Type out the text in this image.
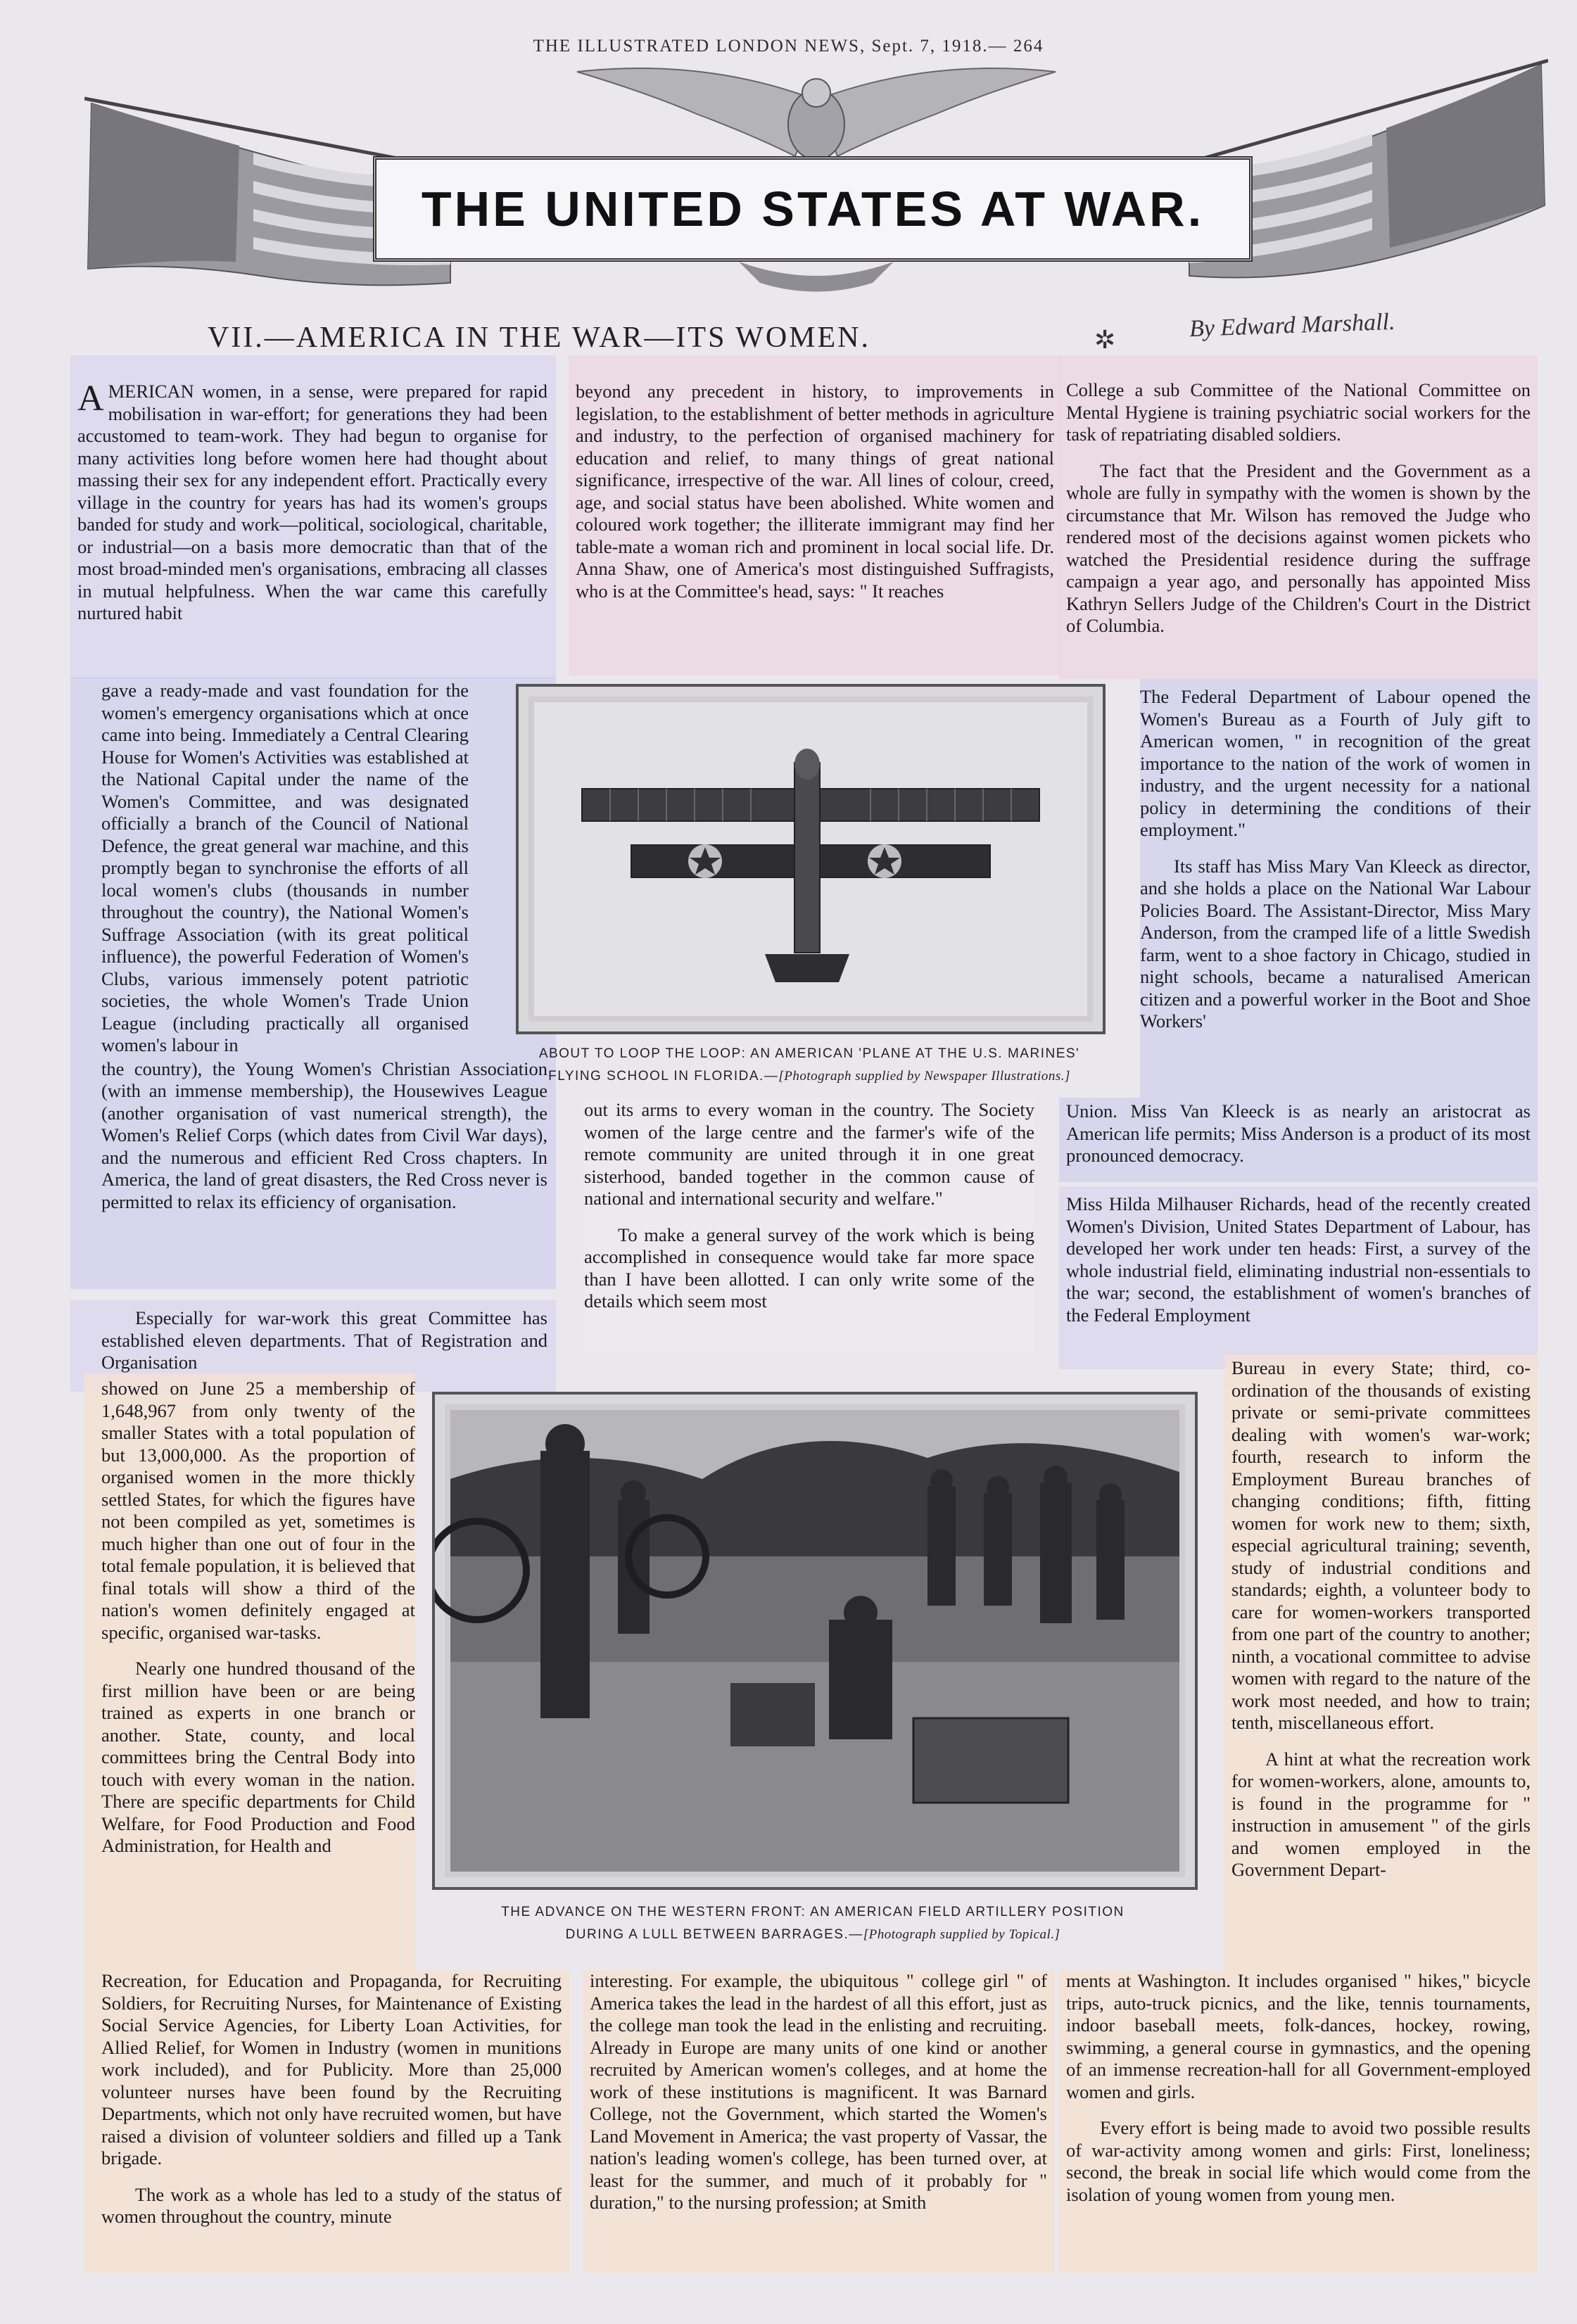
THE ILLUSTRATED LONDON NEWS, Sept. 7, 1918.— 264
THE UNITED STATES AT WAR.
VII.—AMERICA IN THE WAR—ITS WOMEN.	✲	By Edward Marshall.

AMERICAN women, in a sense, were prepared for rapid mobilisation in war-effort; for generations they had been accustomed to team-work. They had begun to organise for many activities long before women here had thought about massing their sex for any independent effort. Practically every village in the country for years has had its women's groups banded for study and work—political, sociological, charitable, or industrial—on a basis more democratic than that of the most broad-minded men's organisations, embracing all classes in mutual helpfulness. When the war came this carefully nurtured habit

gave a ready-made and vast foundation for the women's emergency organisations which at once came into being. Immediately a Central Clearing House for Women's Activities was established at the National Capital under the name of the Women's Committee, and was designated officially a branch of the Council of National Defence, the great general war machine, and this promptly began to synchronise the efforts of all local women's clubs (thousands in number throughout the country), the National Women's Suffrage Association (with its great political influence), the powerful Federation of Women's Clubs, various immensely potent patriotic societies, the whole Women's Trade Union League (including practically all organised women's labour in

the country), the Young Women's Christian Association (with an immense membership), the Housewives League (another organisation of vast numerical strength), the Women's Relief Corps (which dates from Civil War days), and the numerous and efficient Red Cross chapters. In America, the land of great disasters, the Red Cross never is permitted to relax its efficiency of organisation.

Especially for war-work this great Committee has established eleven departments. That of Registration and Organisation

showed on June 25 a membership of 1,648,967 from only twenty of the smaller States with a total population of but 13,000,000. As the proportion of organised women in the more thickly settled States, for which the figures have not been compiled as yet, sometimes is much higher than one out of four in the total female population, it is believed that final totals will show a third of the nation's women definitely engaged at specific, organised war-tasks.

Nearly one hundred thousand of the first million have been or are being trained as experts in one branch or another. State, county, and local committees bring the Central Body into touch with every woman in the nation. There are specific departments for Child Welfare, for Food Production and Food Administration, for Health and

Recreation, for Education and Propaganda, for Recruiting Soldiers, for Recruiting Nurses, for Maintenance of Existing Social Service Agencies, for Liberty Loan Activities, for Allied Relief, for Women in Industry (women in munitions work included), and for Publicity. More than 25,000 volunteer nurses have been found by the Recruiting Departments, which not only have recruited women, but have raised a division of volunteer soldiers and filled up a Tank brigade.

The work as a whole has led to a study of the status of women throughout the country, minute

beyond any precedent in history, to improvements in legislation, to the establishment of better methods in agriculture and industry, to the perfection of organised machinery for education and relief, to many things of great national significance, irrespective of the war. All lines of colour, creed, age, and social status have been abolished. White women and coloured work together; the illiterate immigrant may find her table-mate a woman rich and prominent in local social life. Dr. Anna Shaw, one of America's most distinguished Suffragists, who is at the Committee's head, says: " It reaches

out its arms to every woman in the country. The Society women of the large centre and the farmer's wife of the remote community are united through it in one great sisterhood, banded together in the common cause of national and international security and welfare."

To make a general survey of the work which is being accomplished in consequence would take far more space than I have been allotted. I can only write some of the details which seem most

interesting. For example, the ubiquitous " college girl " of America takes the lead in the hardest of all this effort, just as the college man took the lead in the enlisting and recruiting. Already in Europe are many units of one kind or another recruited by American women's colleges, and at home the work of these institutions is magnificent. It was Barnard College, not the Government, which started the Women's Land Movement in America; the vast property of Vassar, the nation's leading women's college, has been turned over, at least for the summer, and much of it probably for " duration," to the nursing profession; at Smith

College a sub Committee of the National Committee on Mental Hygiene is training psychiatric social workers for the task of repatriating disabled soldiers.

The fact that the President and the Government as a whole are fully in sympathy with the women is shown by the circumstance that Mr. Wilson has removed the Judge who rendered most of the decisions against women pickets who watched the Presidential residence during the suffrage campaign a year ago, and personally has appointed Miss Kathryn Sellers Judge of the Children's Court in the District of Columbia.

The Federal Department of Labour opened the Women's Bureau as a Fourth of July gift to American women, " in recognition of the great importance to the nation of the work of women in industry, and the urgent necessity for a national policy in determining the conditions of their employment."

Its staff has Miss Mary Van Kleeck as director, and she holds a place on the National War Labour Policies Board. The Assistant-Director, Miss Mary Anderson, from the cramped life of a little Swedish farm, went to a shoe factory in Chicago, studied in night schools, became a naturalised American citizen and a powerful worker in the Boot and Shoe Workers'

Union. Miss Van Kleeck is as nearly an aristocrat as American life permits; Miss Anderson is a product of its most pronounced democracy.

Miss Hilda Milhauser Richards, head of the recently created Women's Division, United States Department of Labour, has developed her work under ten heads: First, a survey of the whole industrial field, eliminating industrial non-essentials to the war; second, the establishment of women's branches of the Federal Employment

Bureau in every State; third, co-ordination of the thousands of existing private or semi-private committees dealing with women's war-work; fourth, research to inform the Employment Bureau branches of changing conditions; fifth, fitting women for work new to them; sixth, especial agricultural training; seventh, study of industrial conditions and standards; eighth, a volunteer body to care for women-workers transported from one part of the country to another; ninth, a vocational committee to advise women with regard to the nature of the work most needed, and how to train; tenth, miscellaneous effort.

A hint at what the recreation work for women-workers, alone, amounts to, is found in the programme for " instruction in amusement " of the girls and women employed in the Government Depart-

ments at Washington. It includes organised " hikes," bicycle trips, auto-truck picnics, and the like, tennis tournaments, indoor baseball meets, folk-dances, hockey, rowing, swimming, a general course in gymnastics, and the opening of an immense recreation-hall for all Government-employed women and girls.

Every effort is being made to avoid two possible results of war-activity among women and girls: First, loneliness; second, the break in social life which would come from the isolation of young women from young men.

ABOUT TO LOOP THE LOOP: AN AMERICAN 'PLANE AT THE U.S. MARINES'
FLYING SCHOOL IN FLORIDA.—[Photograph supplied by Newspaper Illustrations.]
THE ADVANCE ON THE WESTERN FRONT: AN AMERICAN FIELD ARTILLERY POSITION
DURING A LULL BETWEEN BARRAGES.—[Photograph supplied by Topical.]
